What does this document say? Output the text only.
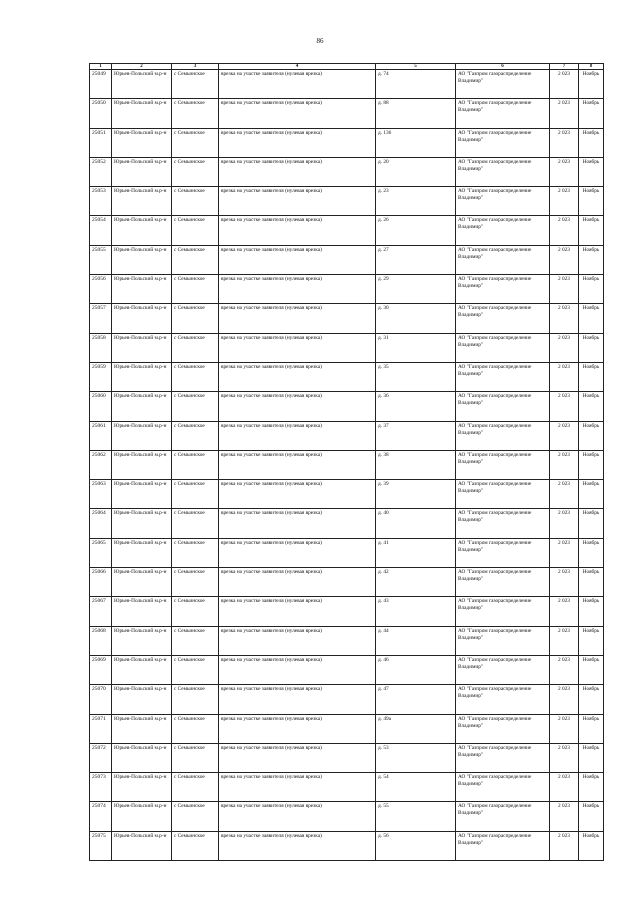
86
1	2	3	4	5	6	7	8
25049	Юрьев-Польский м.р-н	с Семьинское	врезка на участке заявителя (нулевая врезка)	д. 74	АО "Газпром газораспределение Владимир"	2 023	Ноябрь
25050	Юрьев-Польский м.р-н	с Семьинское	врезка на участке заявителя (нулевая врезка)	д. 88	АО "Газпром газораспределение Владимир"	2 023	Ноябрь
25051	Юрьев-Польский м.р-н	с Семьинское	врезка на участке заявителя (нулевая врезка)	д. 136	АО "Газпром газораспределение Владимир"	2 023	Ноябрь
25052	Юрьев-Польский м.р-н	с Семьинское	врезка на участке заявителя (нулевая врезка)	д. 20	АО "Газпром газораспределение Владимир"	2 023	Ноябрь
25053	Юрьев-Польский м.р-н	с Семьинское	врезка на участке заявителя (нулевая врезка)	д. 23	АО "Газпром газораспределение Владимир"	2 023	Ноябрь
25054	Юрьев-Польский м.р-н	с Семьинское	врезка на участке заявителя (нулевая врезка)	д. 26	АО "Газпром газораспределение Владимир"	2 023	Ноябрь
25055	Юрьев-Польский м.р-н	с Семьинское	врезка на участке заявителя (нулевая врезка)	д. 27	АО "Газпром газораспределение Владимир"	2 023	Ноябрь
25056	Юрьев-Польский м.р-н	с Семьинское	врезка на участке заявителя (нулевая врезка)	д. 29	АО "Газпром газораспределение Владимир"	2 023	Ноябрь
25057	Юрьев-Польский м.р-н	с Семьинское	врезка на участке заявителя (нулевая врезка)	д. 30	АО "Газпром газораспределение Владимир"	2 023	Ноябрь
25058	Юрьев-Польский м.р-н	с Семьинское	врезка на участке заявителя (нулевая врезка)	д. 31	АО "Газпром газораспределение Владимир"	2 023	Ноябрь
25059	Юрьев-Польский м.р-н	с Семьинское	врезка на участке заявителя (нулевая врезка)	д. 35	АО "Газпром газораспределение Владимир"	2 023	Ноябрь
25060	Юрьев-Польский м.р-н	с Семьинское	врезка на участке заявителя (нулевая врезка)	д. 36	АО "Газпром газораспределение Владимир"	2 023	Ноябрь
25061	Юрьев-Польский м.р-н	с Семьинское	врезка на участке заявителя (нулевая врезка)	д. 37	АО "Газпром газораспределение Владимир"	2 023	Ноябрь
25062	Юрьев-Польский м.р-н	с Семьинское	врезка на участке заявителя (нулевая врезка)	д. 38	АО "Газпром газораспределение Владимир"	2 023	Ноябрь
25063	Юрьев-Польский м.р-н	с Семьинское	врезка на участке заявителя (нулевая врезка)	д. 39	АО "Газпром газораспределение Владимир"	2 023	Ноябрь
25064	Юрьев-Польский м.р-н	с Семьинское	врезка на участке заявителя (нулевая врезка)	д. 40	АО "Газпром газораспределение Владимир"	2 023	Ноябрь
25065	Юрьев-Польский м.р-н	с Семьинское	врезка на участке заявителя (нулевая врезка)	д. 41	АО "Газпром газораспределение Владимир"	2 023	Ноябрь
25066	Юрьев-Польский м.р-н	с Семьинское	врезка на участке заявителя (нулевая врезка)	д. 42	АО "Газпром газораспределение Владимир"	2 023	Ноябрь
25067	Юрьев-Польский м.р-н	с Семьинское	врезка на участке заявителя (нулевая врезка)	д. 43	АО "Газпром газораспределение Владимир"	2 023	Ноябрь
25068	Юрьев-Польский м.р-н	с Семьинское	врезка на участке заявителя (нулевая врезка)	д. 44	АО "Газпром газораспределение Владимир"	2 023	Ноябрь
25069	Юрьев-Польский м.р-н	с Семьинское	врезка на участке заявителя (нулевая врезка)	д. 46	АО "Газпром газораспределение Владимир"	2 023	Ноябрь
25070	Юрьев-Польский м.р-н	с Семьинское	врезка на участке заявителя (нулевая врезка)	д. 47	АО "Газпром газораспределение Владимир"	2 023	Ноябрь
25071	Юрьев-Польский м.р-н	с Семьинское	врезка на участке заявителя (нулевая врезка)	д. 49а	АО "Газпром газораспределение Владимир"	2 023	Ноябрь
25072	Юрьев-Польский м.р-н	с Семьинское	врезка на участке заявителя (нулевая врезка)	д. 53	АО "Газпром газораспределение Владимир"	2 023	Ноябрь
25073	Юрьев-Польский м.р-н	с Семьинское	врезка на участке заявителя (нулевая врезка)	д. 54	АО "Газпром газораспределение Владимир"	2 023	Ноябрь
25074	Юрьев-Польский м.р-н	с Семьинское	врезка на участке заявителя (нулевая врезка)	д. 55	АО "Газпром газораспределение Владимир"	2 023	Ноябрь
25075	Юрьев-Польский м.р-н	с Семьинское	врезка на участке заявителя (нулевая врезка)	д. 56	АО "Газпром газораспределение Владимир"	2 023	Ноябрь
